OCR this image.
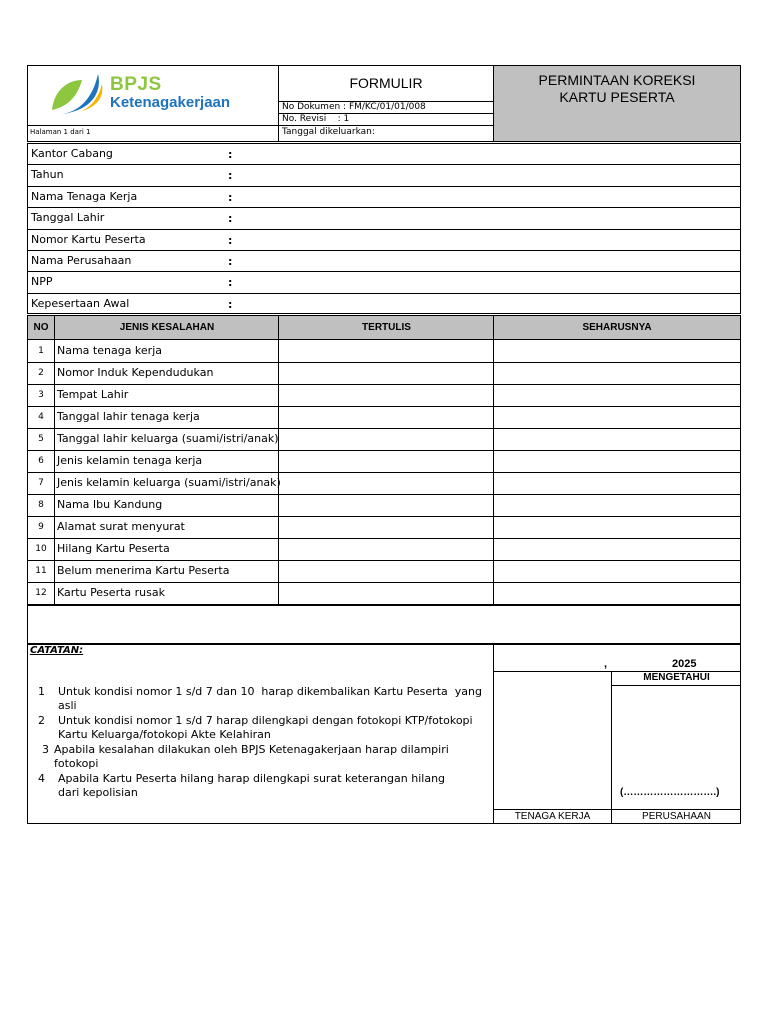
BPJS
Ketenagakerjaan
Halaman 1 dari 1
FORMULIR
No Dokumen : FM/KC/01/01/008
No. Revisi    : 1
Tanggal dikeluarkan:
PERMINTAAN KOREKSI
KARTU PESERTA
Kantor Cabang	:
Tahun	:
Nama Tenaga Kerja	:
Tanggal Lahir	:
Nomor Kartu Peserta	:
Nama Perusahaan	:
NPP	:
Kepesertaan Awal	:
NO	JENIS KESALAHAN	TERTULIS	SEHARUSNYA
1	Nama tenaga kerja
2	Nomor Induk Kependudukan
3	Tempat Lahir
4	Tanggal lahir tenaga kerja
5	Tanggal lahir keluarga (suami/istri/anak)
6	Jenis kelamin tenaga kerja
7	Jenis kelamin keluarga (suami/istri/anak)
8	Nama Ibu Kandung
9	Alamat surat menyurat
10 Hilang Kartu Peserta
11 Belum menerima Kartu Peserta
12 Kartu Peserta rusak
CATATAN:
1 Untuk kondisi nomor 1 s/d 7 dan 10  harap dikembalikan Kartu Peserta  yang
asli
2 Untuk kondisi nomor 1 s/d 7 harap dilengkapi dengan fotokopi KTP/fotokopi
Kartu Keluarga/fotokopi Akte Kelahiran
3 Apabila kesalahan dilakukan oleh BPJS Ketenagakerjaan harap dilampiri
fotokopi
4 Apabila Kartu Peserta hilang harap dilengkapi surat keterangan hilang
dari kepolisian
,	2025
MENGETAHUI
(……………………….)
TENAGA KERJA	PERUSAHAAN
